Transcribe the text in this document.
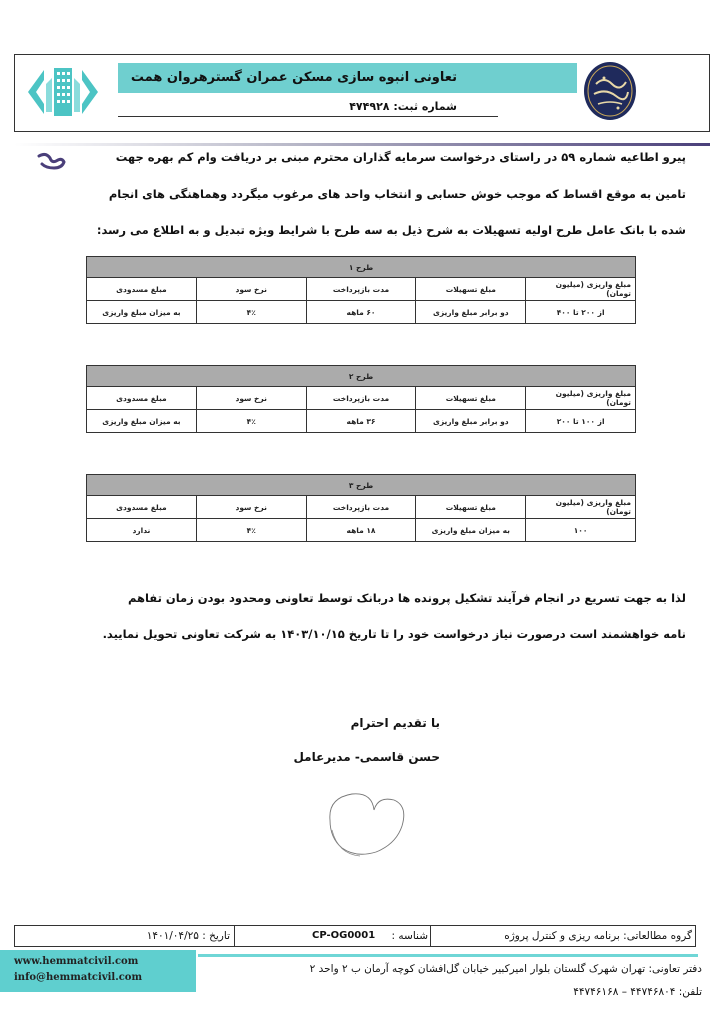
تعاونی انبوه سازی مسکن عمران گسترهروان همت
شماره ثبت: ۴۷۴۹۲۸
پیرو اطاعیه شماره ۵۹ در راستای درخواست سرمایه گذاران محترم مبنی بر دریافت وام کم بهره جهت
تامین به موقع اقساط که موجب خوش حسابی و انتخاب واحد های مرغوب میگردد وهماهنگی های انجام
شده با بانک عامل طرح اولیه تسهیلات به شرح ذیل به سه طرح با شرایط ویژه تبدیل و به اطلاع می رسد:
طرح ۱				
مبلغ واریزی (میلیون تومان)	مبلغ تسهیلات	مدت بازپرداخت	نرخ سود	مبلغ مسدودی
از ۲۰۰ تا ۴۰۰	دو برابر مبلغ واریزی	۶۰ ماهه	۴٪	به میزان مبلغ واریزی
طرح ۲				
مبلغ واریزی (میلیون تومان)	مبلغ تسهیلات	مدت بازپرداخت	نرخ سود	مبلغ مسدودی
از ۱۰۰ تا ۲۰۰	دو برابر مبلغ واریزی	۳۶ ماهه	۴٪	به میزان مبلغ واریزی
طرح ۳				
مبلغ واریزی (میلیون تومان)	مبلغ تسهیلات	مدت بازپرداخت	نرخ سود	مبلغ مسدودی
۱۰۰	به میزان مبلغ واریزی	۱۸ ماهه	۴٪	ندارد
لذا به جهت تسریع در انجام فرآیند تشکیل پرونده ها دربانک توسط تعاونی ومحدود بودن زمان تفاهم
نامه خواهشمند است درصورت نیاز درخواست خود را تا تاریخ ۱۴۰۳/۱۰/۱۵ به شرکت تعاونی تحویل نمایید.
با تقدیم احترام
حسن قاسمی- مدیرعامل
گروه مطالعاتی: برنامه ریزی و کنترل پروژه
شناسه :
CP-OG0001
تاریخ : ۱۴۰۱/۰۴/۲۵
www.hemmatcivil.com
info@hemmatcivil.com
دفتر تعاونی: تهران شهرک گلستان بلوار امیرکبیر خیابان گل‌افشان کوچه آرمان ب ۲ واحد ۲
تلفن: ۴۴۷۴۶۸۰۴ – ۴۴۷۴۶۱۶۸
